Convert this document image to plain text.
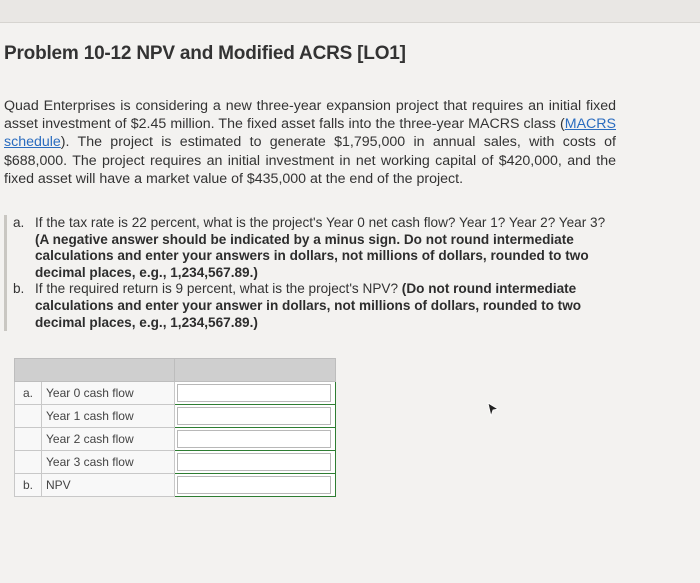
Problem 10-12 NPV and Modified ACRS [LO1]
Quad Enterprises is considering a new three-year expansion project that requires an initial fixed asset investment of $2.45 million. The fixed asset falls into the three-year MACRS class (MACRS schedule). The project is estimated to generate $1,795,000 in annual sales, with costs of $688,000. The project requires an initial investment in net working capital of $420,000, and the fixed asset will have a market value of $435,000 at the end of the project.
a. If the tax rate is 22 percent, what is the project's Year 0 net cash flow? Year 1? Year 2? Year 3? (A negative answer should be indicated by a minus sign. Do not round intermediate calculations and enter your answers in dollars, not millions of dollars, rounded to two decimal places, e.g., 1,234,567.89.)
b. If the required return is 9 percent, what is the project's NPV? (Do not round intermediate calculations and enter your answer in dollars, not millions of dollars, rounded to two decimal places, e.g., 1,234,567.89.)

a.	Year 0 cash flow	
	Year 1 cash flow	
	Year 2 cash flow	
	Year 3 cash flow	
b.	NPV	
